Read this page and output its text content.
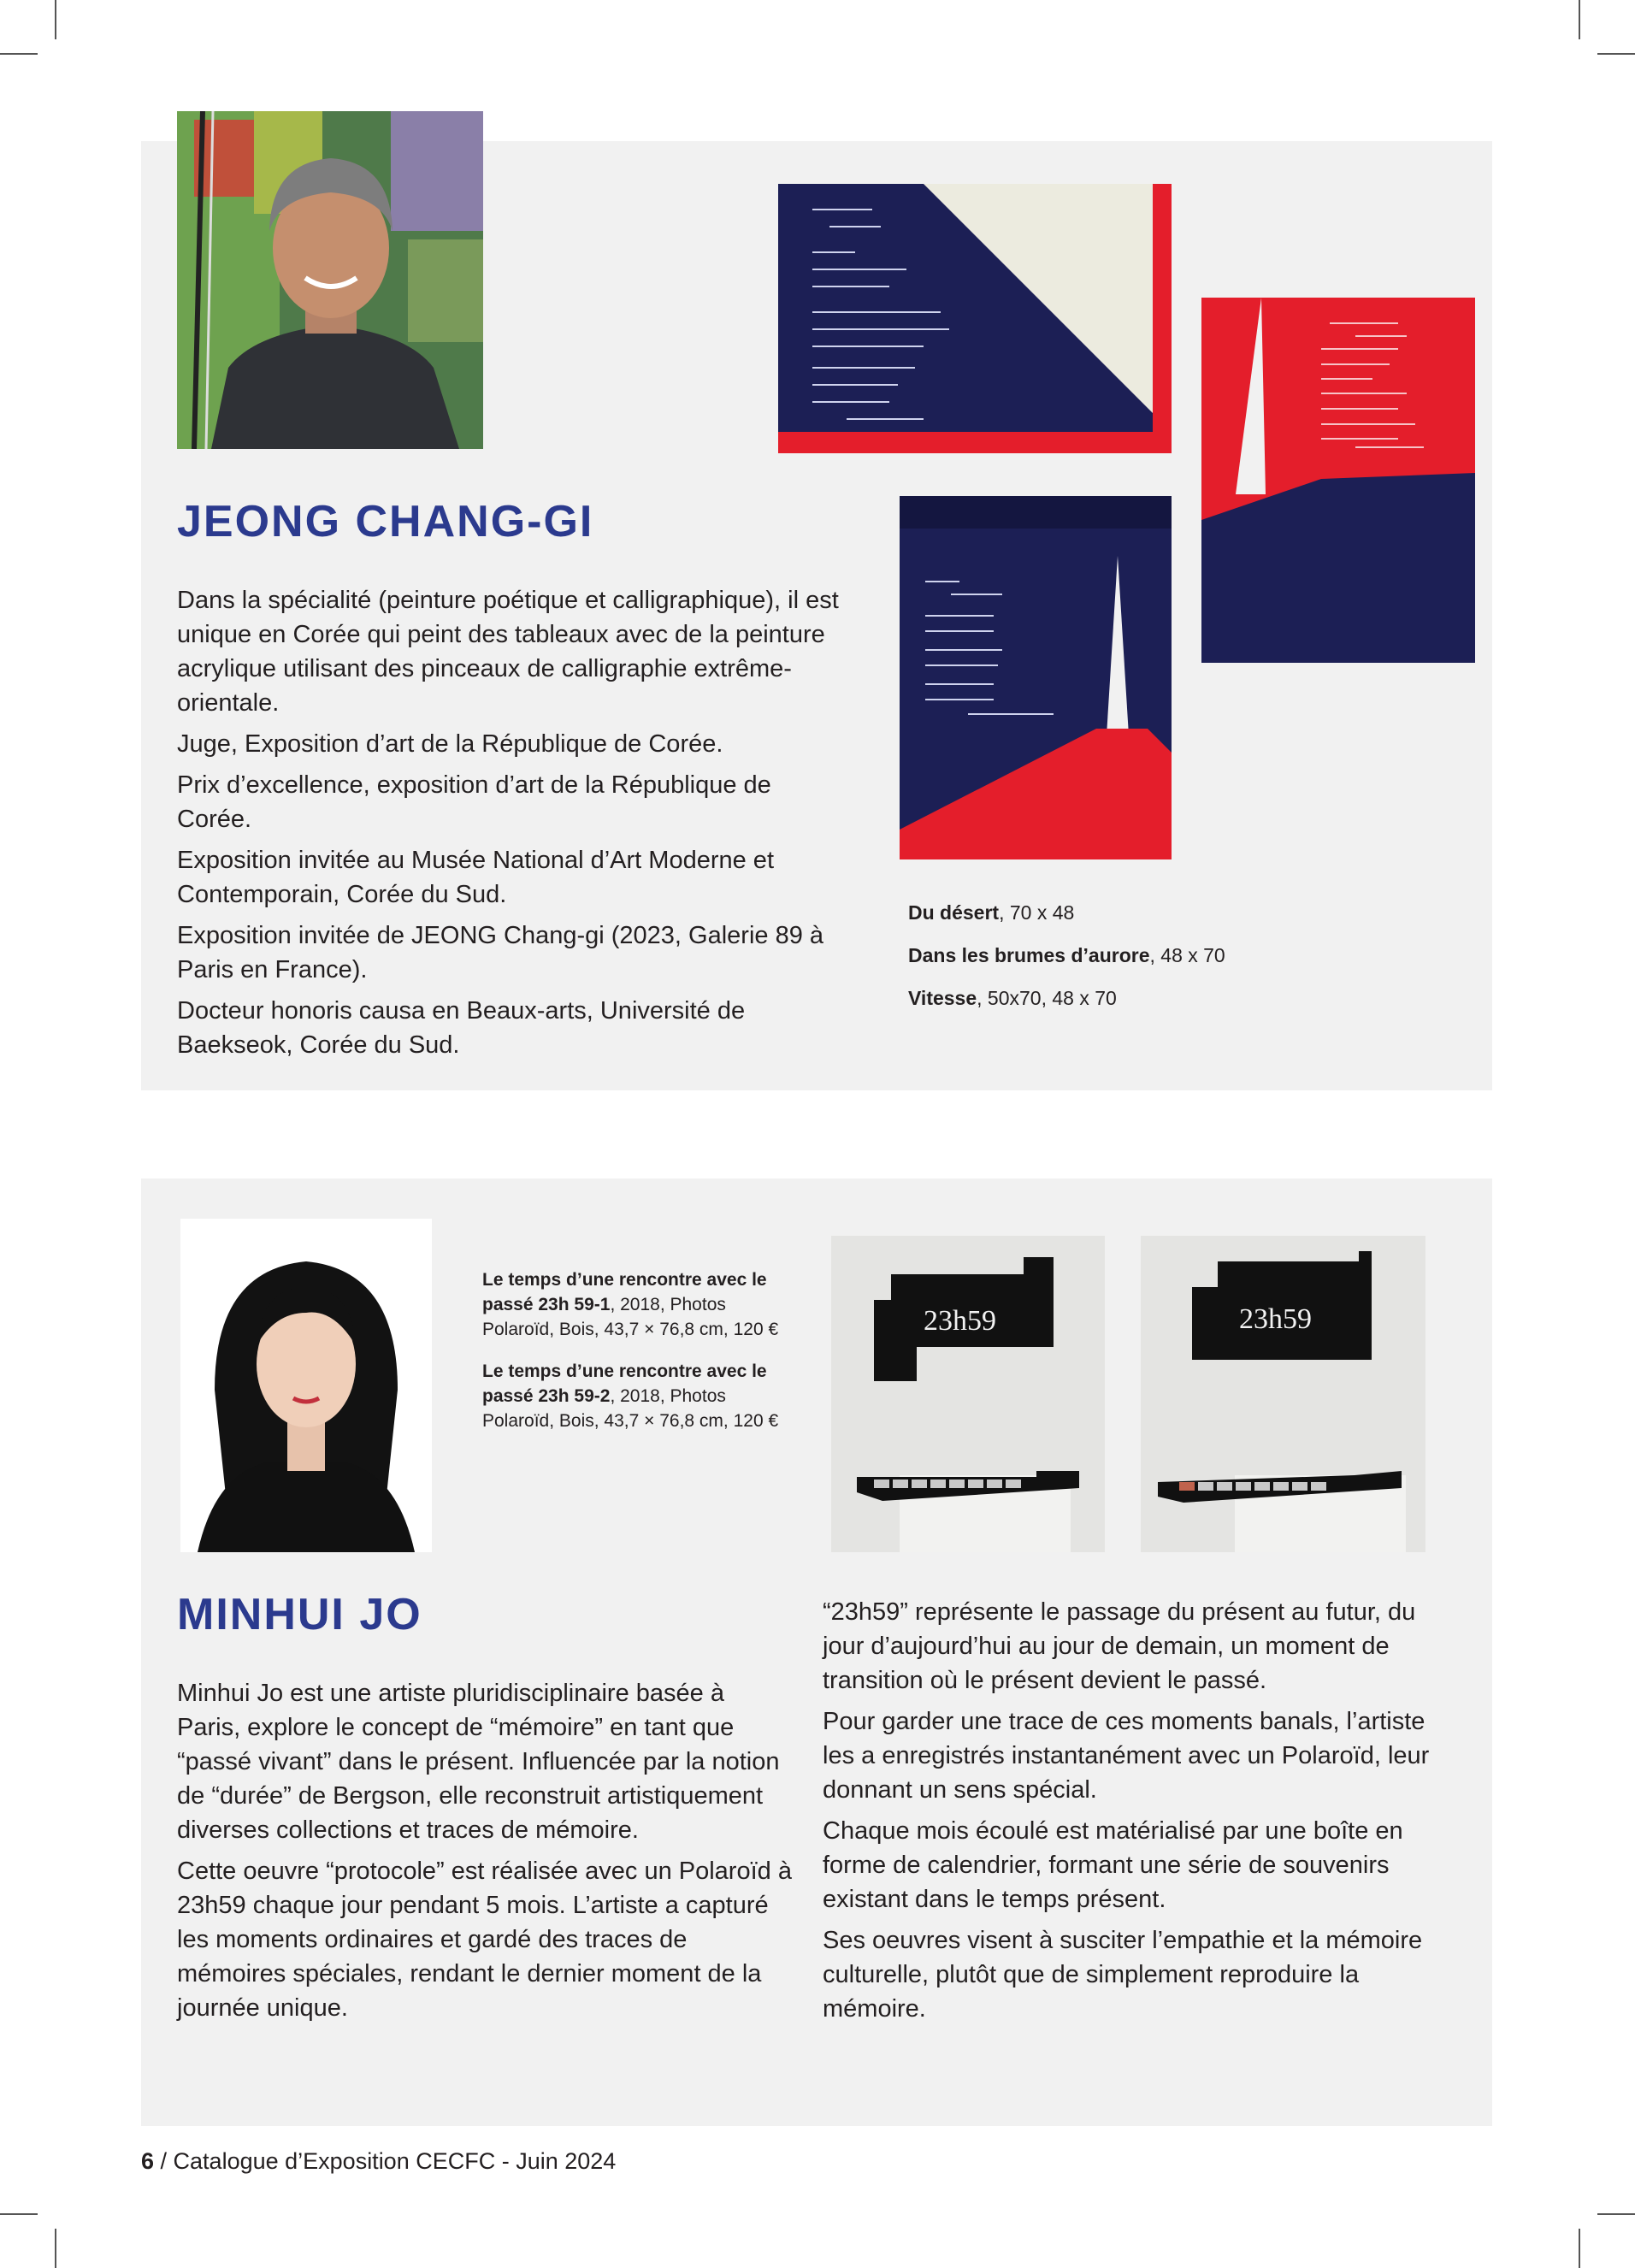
JEONG CHANG-GI

Dans la spécialité (peinture poétique et calligraphique), il est unique en Corée qui peint des tableaux avec de la peinture acrylique utilisant des pinceaux de calligraphie extrême-orientale.

Juge, Exposition d’art de la République de Corée.

Prix d’excellence, exposition d’art de la République de Corée.

Exposition invitée au Musée National d’Art Moderne et Contemporain, Corée du Sud.

Exposition invitée de JEONG Chang-gi (2023, Galerie 89 à Paris en France).

Docteur honoris causa en Beaux-arts, Université de Baekseok, Corée du Sud.

Du désert, 70 x 48

Dans les brumes d’aurore, 48 x 70

Vitesse, 50x70, 48 x 70

Le temps d’une rencontre avec le passé 23h 59-1, 2018, Photos Polaroïd, Bois, 43,7 × 76,8 cm, 120 €

Le temps d’une rencontre avec le passé 23h 59-2, 2018, Photos Polaroïd, Bois, 43,7 × 76,8 cm, 120 €

23h59	23h59
MINHUI JO

Minhui Jo est une artiste pluridisciplinaire basée à Paris, explore le concept de “mémoire” en tant que “passé vivant” dans le présent. Influencée par la notion de “durée” de Bergson, elle reconstruit artistiquement diverses collections et traces de mémoire.

Cette oeuvre “protocole” est réalisée avec un Polaroïd à 23h59 chaque jour pendant 5 mois. L’artiste a capturé les moments ordinaires et gardé des traces de mémoires spéciales, rendant le dernier moment de la journée unique.

“23h59” représente le passage du présent au futur, du jour d’aujourd’hui au jour de demain, un moment de transition où le présent devient le passé.

Pour garder une trace de ces moments banals, l’artiste les a enregistrés instantanément avec un Polaroïd, leur donnant un sens spécial.

Chaque mois écoulé est matérialisé par une boîte en forme de calendrier, formant une série de souvenirs existant dans le temps présent.

Ses oeuvres visent à susciter l’empathie et la mémoire culturelle, plutôt que de simplement reproduire la mémoire.

6 / Catalogue d’Exposition CECFC - Juin 2024
